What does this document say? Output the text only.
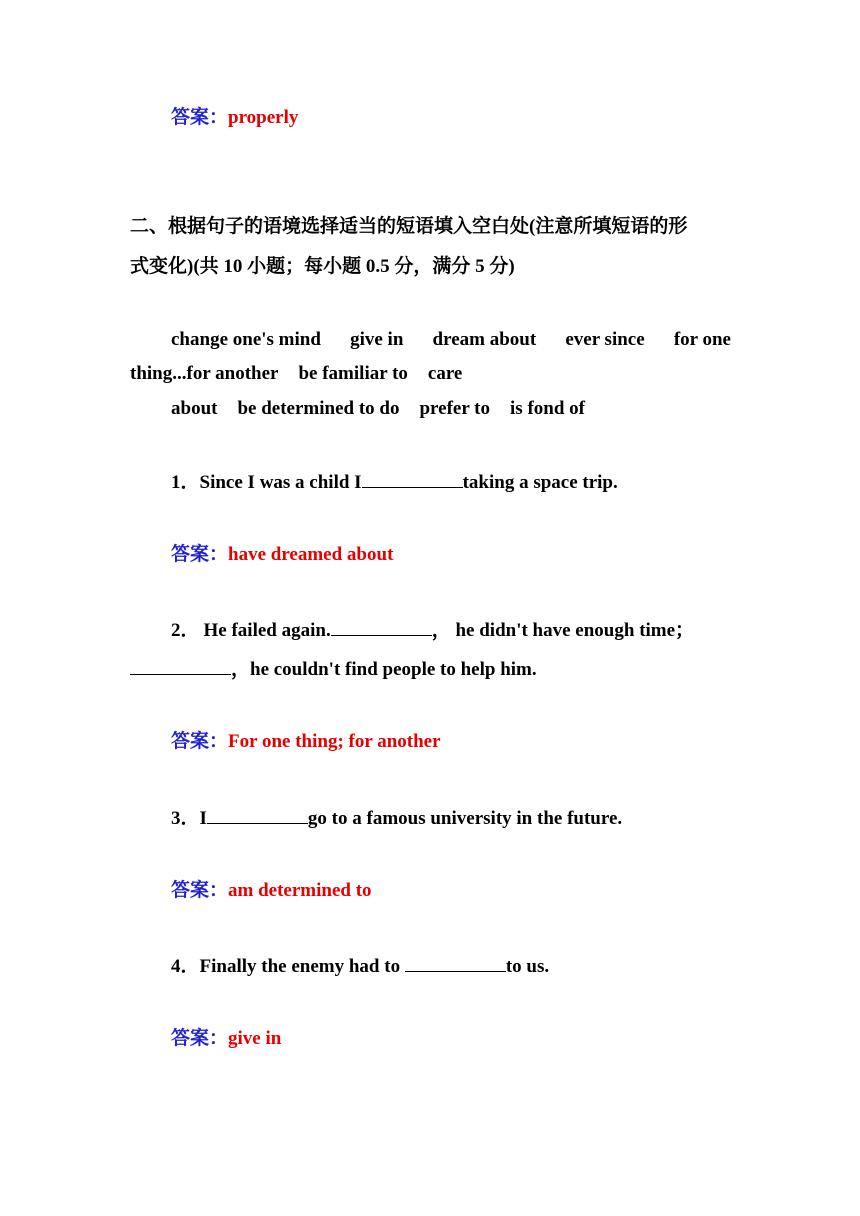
答案：properly
二、根据句子的语境选择适当的短语填入空白处(注意所填短语的形
式变化)(共 10 小题；每小题 0.5 分，满分 5 分)
change one's mind give in dream about ever since for one
thing...for another be familiar to care
about be determined to do prefer to is fond of
1．Since I was a child I	taking a space trip.
答案：have dreamed about
2． He failed again.	， he didn't have enough time；
，he couldn't find people to help him.
答案：For one thing; for another
3．I	go to a famous university in the future.
答案：am determined to
4．Finally the enemy had to	to us.
答案：give in
